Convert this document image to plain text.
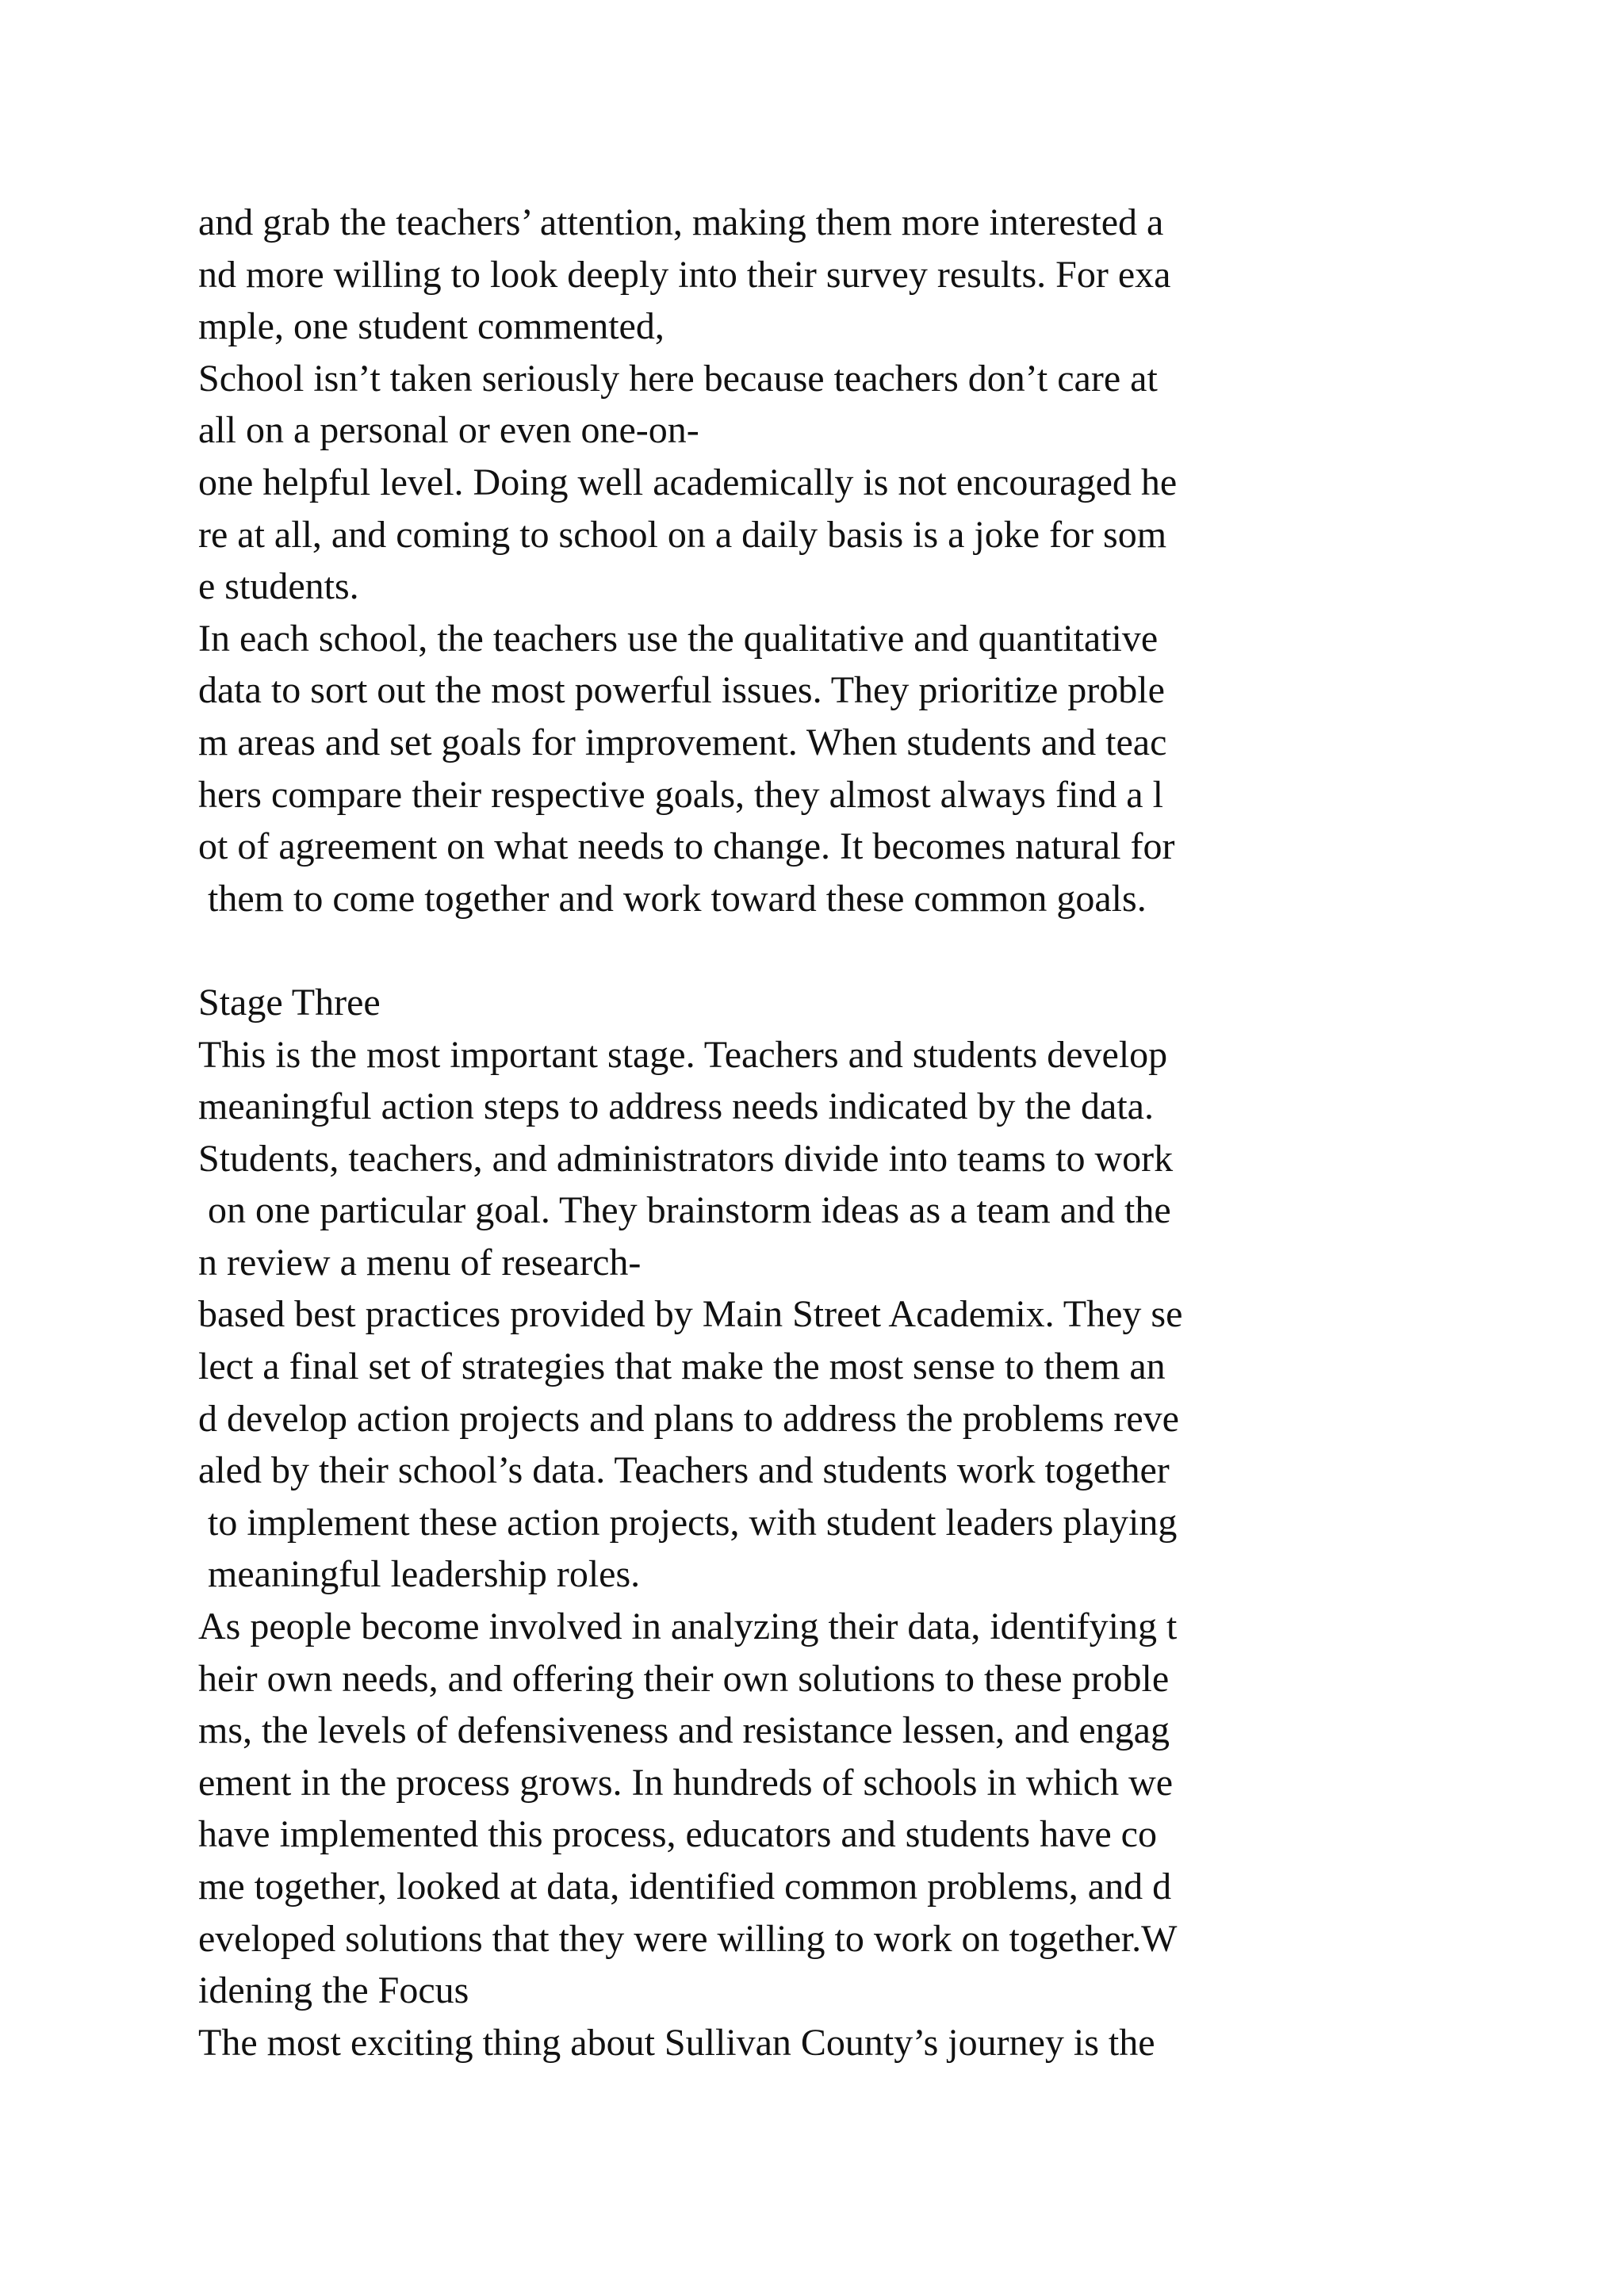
and grab the teachers’ attention, making them more interested a
nd more willing to look deeply into their survey results. For exa
mple, one student commented,
School isn’t taken seriously here because teachers don’t care at
all on a personal or even one-on-
one helpful level. Doing well academically is not encouraged he
re at all, and coming to school on a daily basis is a joke for som
e students.
In each school, the teachers use the qualitative and quantitative
data to sort out the most powerful issues. They prioritize proble
m areas and set goals for improvement. When students and teac
hers compare their respective goals, they almost always find a l
ot of agreement on what needs to change. It becomes natural for
them to come together and work toward these common goals.

Stage Three
This is the most important stage. Teachers and students develop
meaningful action steps to address needs indicated by the data.
Students, teachers, and administrators divide into teams to work
on one particular goal. They brainstorm ideas as a team and the
n review a menu of research-
based best practices provided by Main Street Academix. They se
lect a final set of strategies that make the most sense to them an
d develop action projects and plans to address the problems reve
aled by their school’s data. Teachers and students work together
to implement these action projects, with student leaders playing
meaningful leadership roles.
As people become involved in analyzing their data, identifying t
heir own needs, and offering their own solutions to these proble
ms, the levels of defensiveness and resistance lessen, and engag
ement in the process grows. In hundreds of schools in which we
have implemented this process, educators and students have co
me together, looked at data, identified common problems, and d
eveloped solutions that they were willing to work on together.W
idening the Focus
The most exciting thing about Sullivan County’s journey is the
